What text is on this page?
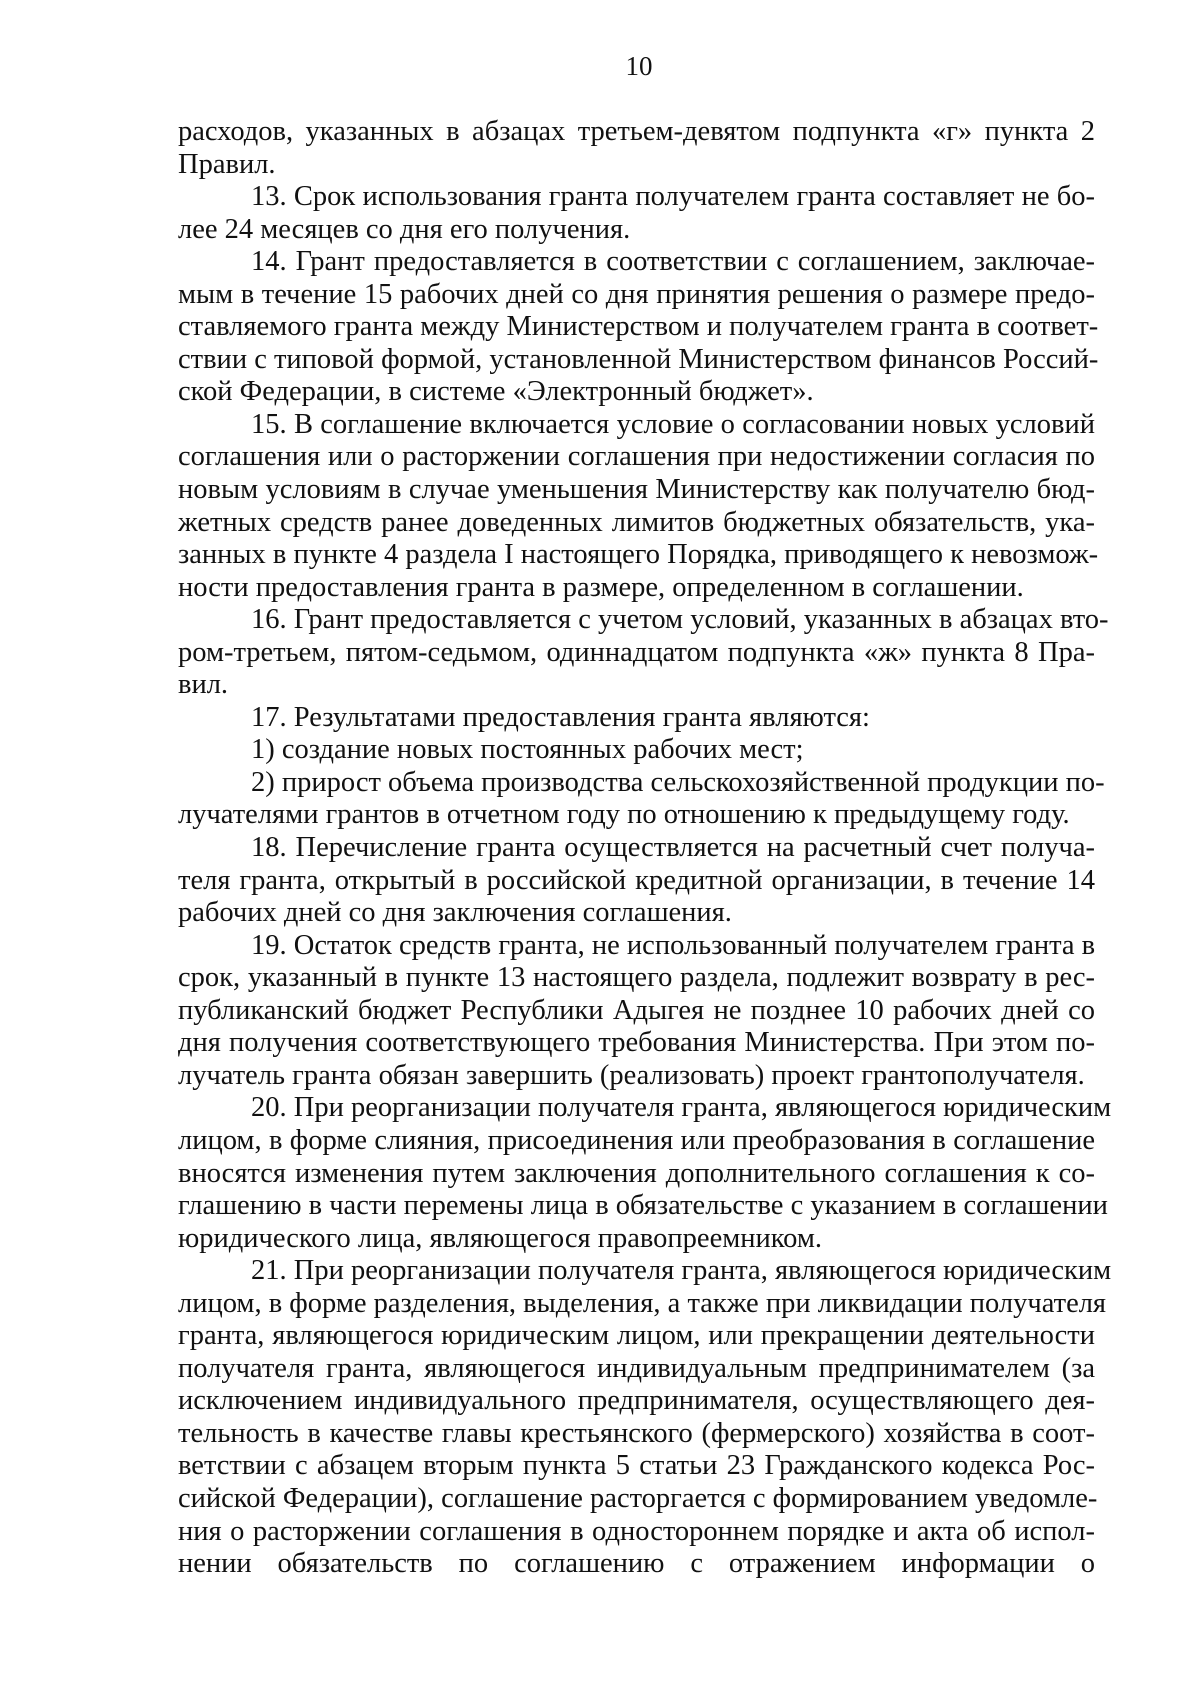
10
расходов, указанных в абзацах третьем-девятом подпункта «г» пункта 2
Правил.
13. Срок использования гранта получателем гранта составляет не бо-
лее 24 месяцев со дня его получения.
14. Грант предоставляется в соответствии с соглашением, заключае-
мым в течение 15 рабочих дней со дня принятия решения о размере предо-
ставляемого гранта между Министерством и получателем гранта в соответ-
ствии с типовой формой, установленной Министерством финансов Россий-
ской Федерации, в системе «Электронный бюджет».
15. В соглашение включается условие о согласовании новых условий
соглашения или о расторжении соглашения при недостижении согласия по
новым условиям в случае уменьшения Министерству как получателю бюд-
жетных средств ранее доведенных лимитов бюджетных обязательств, ука-
занных в пункте 4 раздела I настоящего Порядка, приводящего к невозмож-
ности предоставления гранта в размере, определенном в соглашении.
16. Грант предоставляется с учетом условий, указанных в абзацах вто-
ром-третьем, пятом-седьмом, одиннадцатом подпункта «ж» пункта 8 Пра-
вил.
17. Результатами предоставления гранта являются:
1) создание новых постоянных рабочих мест;
2) прирост объема производства сельскохозяйственной продукции по-
лучателями грантов в отчетном году по отношению к предыдущему году.
18. Перечисление гранта осуществляется на расчетный счет получа-
теля гранта, открытый в российской кредитной организации, в течение 14
рабочих дней со дня заключения соглашения.
19. Остаток средств гранта, не использованный получателем гранта в
срок, указанный в пункте 13 настоящего раздела, подлежит возврату в рес-
публиканский бюджет Республики Адыгея не позднее 10 рабочих дней со
дня получения соответствующего требования Министерства. При этом по-
лучатель гранта обязан завершить (реализовать) проект грантополучателя.
20. При реорганизации получателя гранта, являющегося юридическим
лицом, в форме слияния, присоединения или преобразования в соглашение
вносятся изменения путем заключения дополнительного соглашения к со-
глашению в части перемены лица в обязательстве с указанием в соглашении
юридического лица, являющегося правопреемником.
21. При реорганизации получателя гранта, являющегося юридическим
лицом, в форме разделения, выделения, а также при ликвидации получателя
гранта, являющегося юридическим лицом, или прекращении деятельности
получателя гранта, являющегося индивидуальным предпринимателем (за
исключением индивидуального предпринимателя, осуществляющего дея-
тельность в качестве главы крестьянского (фермерского) хозяйства в соот-
ветствии с абзацем вторым пункта 5 статьи 23 Гражданского кодекса Рос-
сийской Федерации), соглашение расторгается с формированием уведомле-
ния о расторжении соглашения в одностороннем порядке и акта об испол-
нении обязательств по соглашению с отражением информации о
